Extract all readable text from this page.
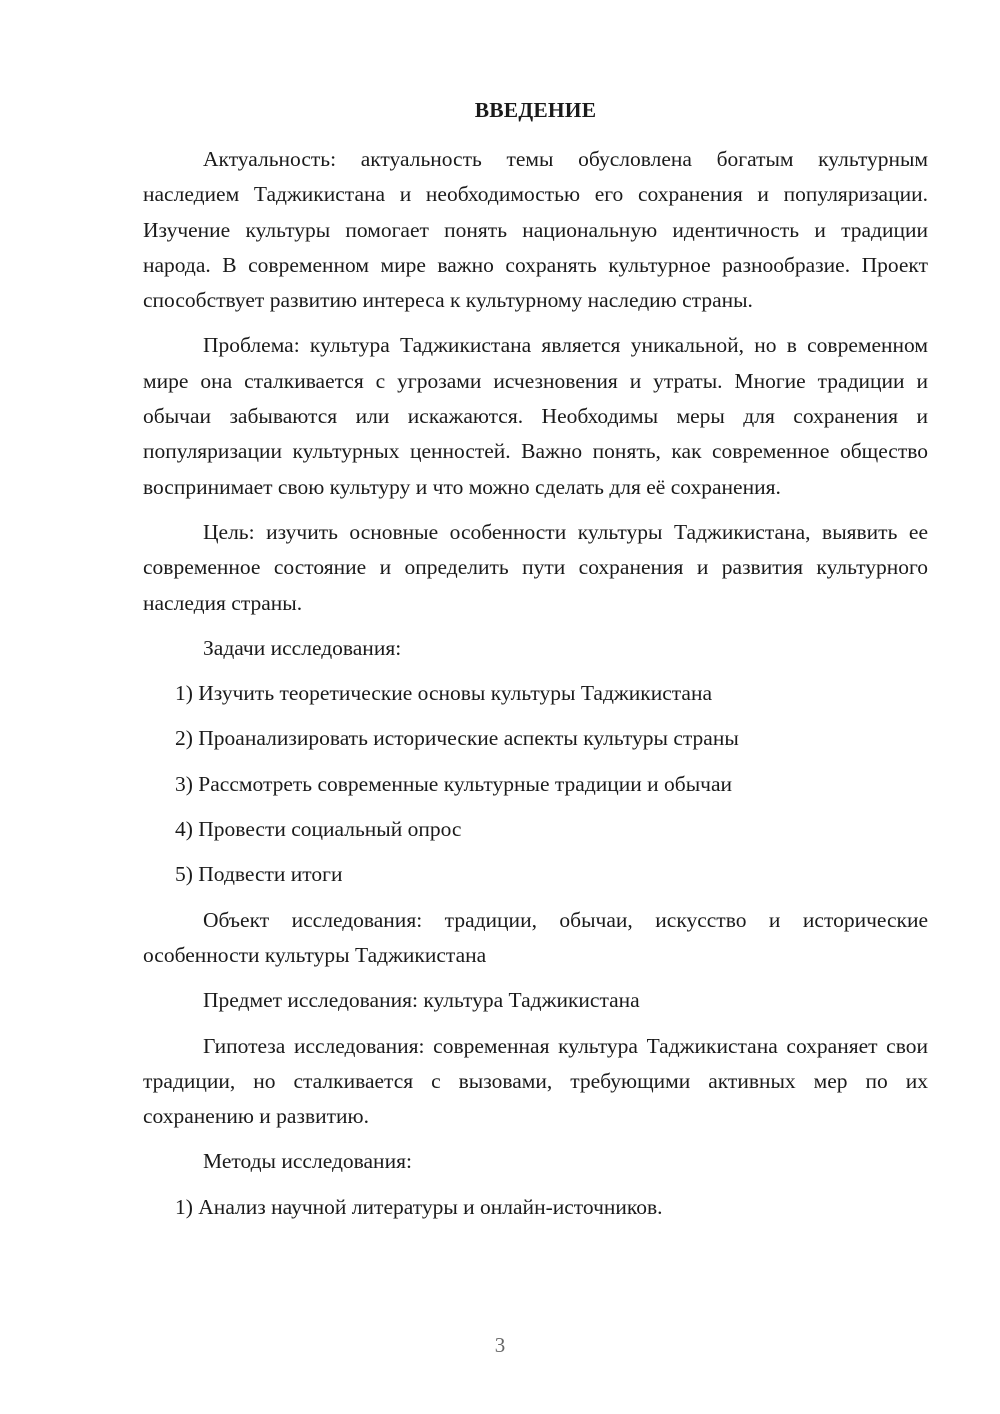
ВВЕДЕНИЕ

Актуальность: актуальность темы обусловлена богатым культурным наследием Таджикистана и необходимостью его сохранения и популяризации. Изучение культуры помогает понять национальную идентичность и традиции народа. В современном мире важно сохранять культурное разнообразие. Проект способствует развитию интереса к культурному наследию страны.

Проблема: культура Таджикистана является уникальной, но в современном мире она сталкивается с угрозами исчезновения и утраты. Многие традиции и обычаи забываются или искажаются. Необходимы меры для сохранения и популяризации культурных ценностей. Важно понять, как современное общество воспринимает свою культуру и что можно сделать для её сохранения.

Цель: изучить основные особенности культуры Таджикистана, выявить ее современное состояние и определить пути сохранения и развития культурного наследия страны.

Задачи исследования:

1) Изучить теоретические основы культуры Таджикистана
2) Проанализировать исторические аспекты культуры страны
3) Рассмотреть современные культурные традиции и обычаи
4) Провести социальный опрос
5) Подвести итоги

Объект исследования: традиции, обычаи, искусство и исторические особенности культуры Таджикистана

Предмет исследования: культура Таджикистана

Гипотеза исследования: современная культура Таджикистана сохраняет свои традиции, но сталкивается с вызовами, требующими активных мер по их сохранению и развитию.

Методы исследования:

1) Анализ научной литературы и онлайн-источников.
3
